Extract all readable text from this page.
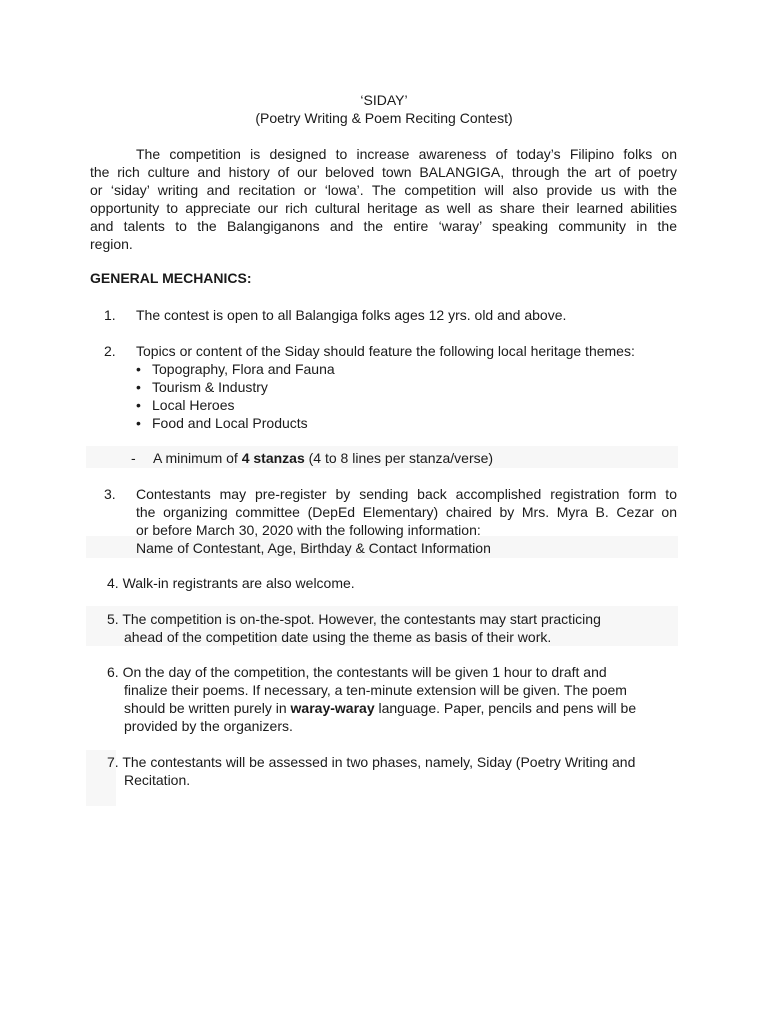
‘SIDAY’
(Poetry Writing & Poem Reciting Contest)
The competition is designed to increase awareness of today’s Filipino folks on
the rich culture and history of our beloved town BALANGIGA, through the art of poetry
or ‘siday’ writing and recitation or ‘lowa’. The competition will also provide us with the
opportunity to appreciate our rich cultural heritage as well as share their learned abilities
and talents to the Balangiganons and the entire ‘waray’ speaking community in the
region.
GENERAL MECHANICS:
1. The contest is open to all Balangiga folks ages 12 yrs. old and above.
2. Topics or content of the Siday should feature the following local heritage themes:
• Topography, Flora and Fauna
• Tourism & Industry
• Local Heroes
• Food and Local Products
- A minimum of 4 stanzas (4 to 8 lines per stanza/verse)
3. Contestants may pre-register by sending back accomplished registration form to
the organizing committee (DepEd Elementary) chaired by Mrs. Myra B. Cezar on
or before March 30, 2020 with the following information:
Name of Contestant, Age, Birthday & Contact Information
4. Walk-in registrants are also welcome.
5. The competition is on-the-spot. However, the contestants may start practicing
ahead of the competition date using the theme as basis of their work.
6. On the day of the competition, the contestants will be given 1 hour to draft and
finalize their poems. If necessary, a ten-minute extension will be given. The poem
should be written purely in waray-waray language. Paper, pencils and pens will be
provided by the organizers.
7. The contestants will be assessed in two phases, namely, Siday (Poetry Writing and
Recitation.
